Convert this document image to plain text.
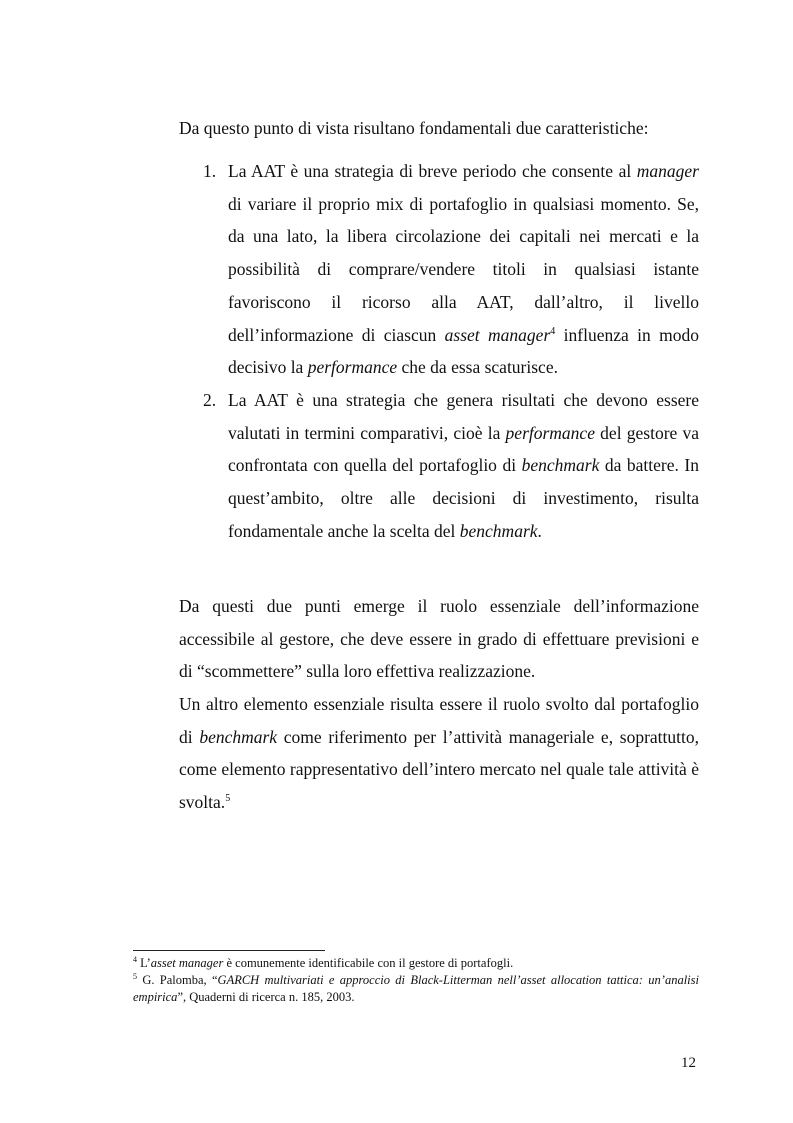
Da questo punto di vista risultano fondamentali due caratteristiche:

1. La AAT è una strategia di breve periodo che consente al manager di variare il proprio mix di portafoglio in qualsiasi momento. Se, da una lato, la libera circolazione dei capitali nei mercati e la possibilità di comprare/vendere titoli in qualsiasi istante favoriscono il ricorso alla AAT, dall’altro, il livello dell’informazione di ciascun asset manager$^4$ influenza in modo decisivo la performance che da essa scaturisce.
2. La AAT è una strategia che genera risultati che devono essere valutati in termini comparativi, cioè la performance del gestore va confrontata con quella del portafoglio di benchmark da battere. In quest’ambito, oltre alle decisioni di investimento, risulta fondamentale anche la scelta del benchmark.

Da questi due punti emerge il ruolo essenziale dell’informazione accessibile al gestore, che deve essere in grado di effettuare previsioni e di “scommettere” sulla loro effettiva realizzazione.

Un altro elemento essenziale risulta essere il ruolo svolto dal portafoglio di benchmark come riferimento per l’attività manageriale e, soprattutto, come elemento rappresentativo dell’intero mercato nel quale tale attività è svolta.$^5$

$^4$ L’asset manager è comunemente identificabile con il gestore di portafogli.

$^5$ G. Palomba, “GARCH multivariati e approccio di Black-Litterman nell’asset allocation tattica: un’analisi empirica”, Quaderni di ricerca n. 185, 2003.

12
